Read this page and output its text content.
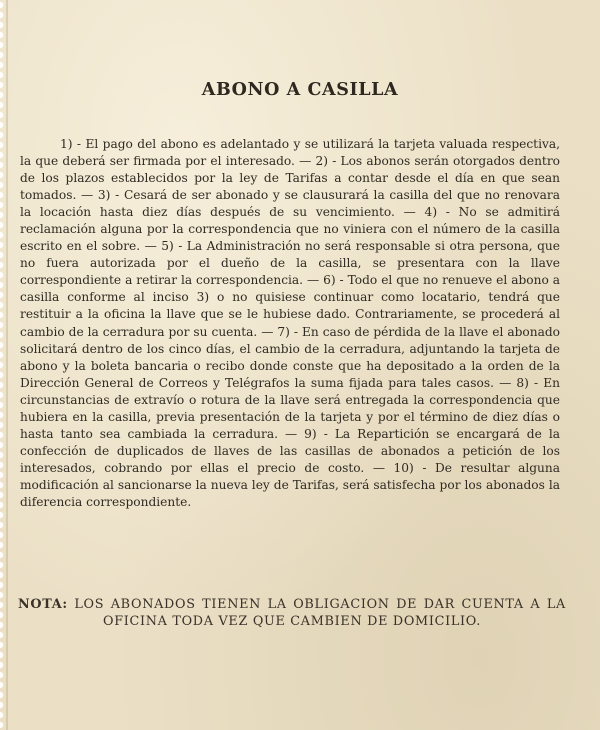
ABONO A CASILLA

1) - El pago del abono es adelantado y se utilizará la tarjeta valuada respectiva, la que deberá ser firmada por el interesado. — 2) - Los abonos serán otorgados dentro de los plazos establecidos por la ley de Tarifas a contar desde el día en que sean tomados. — 3) - Cesará de ser abonado y se clausurará la casilla del que no renovara la locación hasta diez días después de su vencimiento. — 4) - No se admitirá reclamación alguna por la correspondencia que no viniera con el número de la casilla escrito en el sobre. — 5) - La Administración no será responsable si otra persona, que no fuera autorizada por el dueño de la casilla, se presentara con la llave correspondiente a retirar la correspondencia. — 6) - Todo el que no renueve el abono a casilla conforme al inciso 3) o no quisiese continuar como locatario, tendrá que restituir a la oficina la llave que se le hubiese dado. Contrariamente, se procederá al cambio de la cerradura por su cuenta. — 7) - En caso de pérdida de la llave el abonado solicitará dentro de los cinco días, el cambio de la cerradura, adjuntando la tarjeta de abono y la boleta bancaria o recibo donde conste que ha depositado a la orden de la Dirección General de Correos y Telégrafos la suma fijada para tales casos. — 8) - En circunstancias de extravío o rotura de la llave será entregada la correspondencia que hubiera en la casilla, previa presentación de la tarjeta y por el término de diez días o hasta tanto sea cambiada la cerradura. — 9) - La Repartición se encargará de la confección de duplicados de llaves de las casillas de abonados a petición de los interesados, cobrando por ellas el precio de costo. — 10) - De resultar alguna modificación al sancionarse la nueva ley de Tarifas, será satisfecha por los abonados la diferencia correspondiente.

NOTA: LOS ABONADOS TIENEN LA OBLIGACION DE DAR CUENTA A LA OFICINA TODA VEZ QUE CAMBIEN DE DOMICILIO.
